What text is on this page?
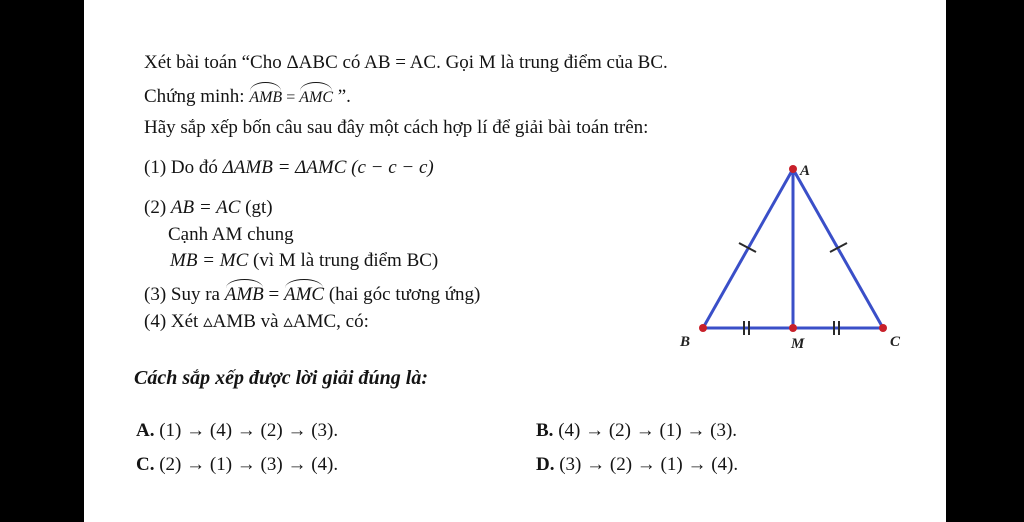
Xét bài toán “Cho ΔABC có AB = AC. Gọi M là trung điểm của BC.
Chứng minh: AMB = AMC ”.
Hãy sắp xếp bốn câu sau đây một cách hợp lí để giải bài toán trên:
(1) Do đó ΔAMB = ΔAMC (c − c − c)
(2) AB = AC (gt)
Cạnh AM chung
MB = MC (vì M là trung điểm BC)
(3) Suy ra AMB = AMC (hai góc tương ứng)
(4) Xét ▵AMB và ▵AMC, có:
Cách sắp xếp được lời giải đúng là:
A. (1) → (4) → (2) → (3).	B. (4) → (2) → (1) → (3).
C. (2) → (1) → (3) → (4).	D. (3) → (2) → (1) → (4).
A
B	M	C
